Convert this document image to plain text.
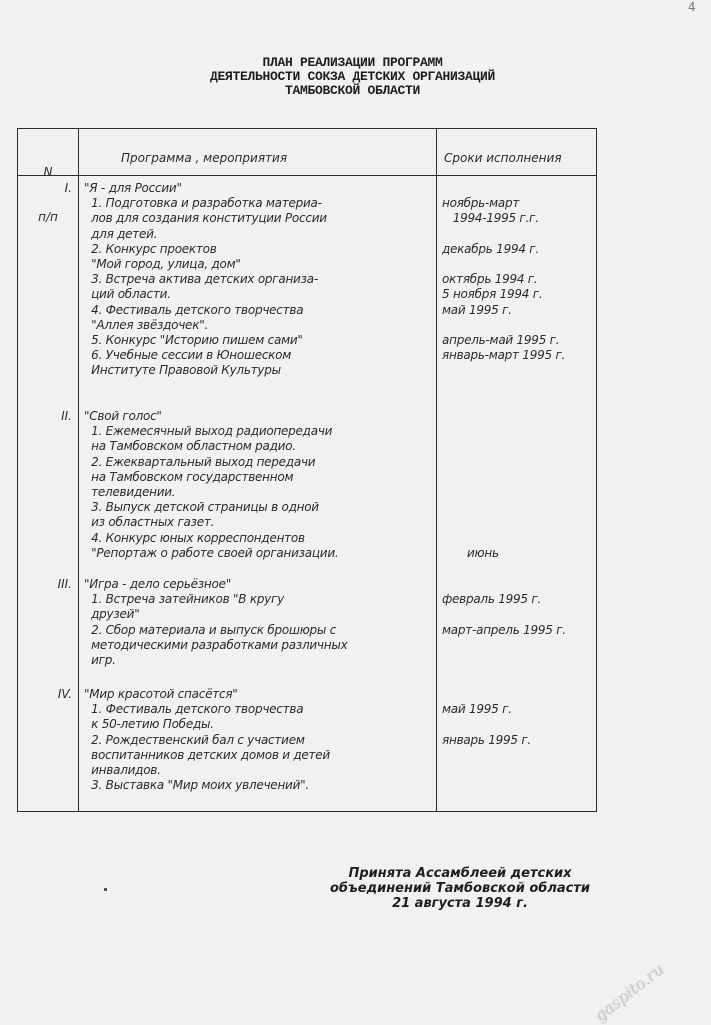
4
ПЛАН РЕАЛИЗАЦИИ ПРОГРАММ
ДЕЯТЕЛЬНОСТИ СОКЗА ДЕТСКИХ ОРГАНИЗАЦИЙ
ТАМБОВСКОЙ ОБЛАСТИ

N

п/п

Программа , мероприятия	Сроки исполнения
I. "Я - для России"
1. Подготовка и разработка материа-
лов для создания конституции России
для детей.
2. Конкурс проектов
"Мой город, улица, дом"
3. Встреча актива детских организа-
ций области.
4. Фестиваль детского творчества
"Аллея звёздочек".
5. Конкурс "Историю пишем сами"
6. Учебные сессии в Юношеском
Институте Правовой Культуры
ноябрь-март
1994-1995 г.г.
декабрь 1994 г.
октябрь 1994 г.
5 ноября 1994 г.
май 1995 г.
апрель-май 1995 г.
январь-март 1995 г.
II. "Свой голос"
1. Ежемесячный выход радиопередачи
на Тамбовском областном радио.
2. Ежеквартальный выход передачи
на Тамбовском государственном
телевидении.
3. Выпуск детской страницы в одной
из областных газет.
4. Конкурс юных корреспондентов
"Репортаж о работе своей организации.	июнь
III. "Игра - дело серьёзное"
1. Встреча затейников "В кругу
друзей"
2. Сбор материала и выпуск брошюры с
методическими разработками различных
игр.
февраль 1995 г.
март-апрель 1995 г.
IV. "Мир красотой спасётся"
1. Фестиваль детского творчества
к 50-летию Победы.
2. Рождественский бал с участием
воспитанников детских домов и детей
инвалидов.
3. Выставка "Мир моих увлечений".
май 1995 г.
январь 1995 г.
Принята Ассамблеей детских
объединений Тамбовской области
21 августа 1994 г.
gaspito.ru
